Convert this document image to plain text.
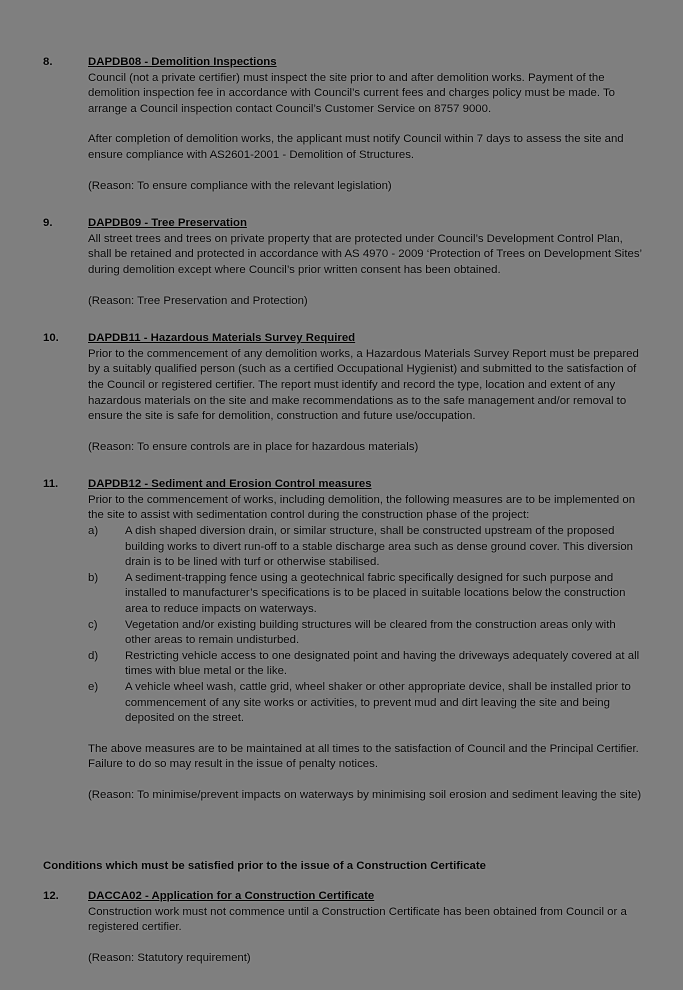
8.	DAPDB08 - Demolition Inspections

Council (not a private certifier) must inspect the site prior to and after demolition works. Payment of the demolition inspection fee in accordance with Council’s current fees and charges policy must be made. To arrange a Council inspection contact Council’s Customer Service on 8757 9000.

After completion of demolition works, the applicant must notify Council within 7 days to assess the site and ensure compliance with AS2601-2001 - Demolition of Structures.

(Reason: To ensure compliance with the relevant legislation)

9.	DAPDB09 - Tree Preservation

All street trees and trees on private property that are protected under Council’s Development Control Plan, shall be retained and protected in accordance with AS 4970 - 2009 ‘Protection of Trees on Development Sites’ during demolition except where Council’s prior written consent has been obtained.

(Reason: Tree Preservation and Protection)

10.	DAPDB11 - Hazardous Materials Survey Required

Prior to the commencement of any demolition works, a Hazardous Materials Survey Report must be prepared by a suitably qualified person (such as a certified Occupational Hygienist) and submitted to the satisfaction of the Council or registered certifier. The report must identify and record the type, location and extent of any hazardous materials on the site and make recommendations as to the safe management and/or removal to ensure the site is safe for demolition, construction and future use/occupation.

(Reason: To ensure controls are in place for hazardous materials)

11.	DAPDB12 - Sediment and Erosion Control measures

Prior to the commencement of works, including demolition, the following measures are to be implemented on the site to assist with sedimentation control during the construction phase of the project:

a)	A dish shaped diversion drain, or similar structure, shall be constructed upstream of the proposed building works to divert run-off to a stable discharge area such as dense ground cover. This diversion drain is to be lined with turf or otherwise stabilised.
b)	A sediment-trapping fence using a geotechnical fabric specifically designed for such purpose and installed to manufacturer’s specifications is to be placed in suitable locations below the construction area to reduce impacts on waterways.
c)	Vegetation and/or existing building structures will be cleared from the construction areas only with other areas to remain undisturbed.
d)	Restricting vehicle access to one designated point and having the driveways adequately covered at all times with blue metal or the like.
e)	A vehicle wheel wash, cattle grid, wheel shaker or other appropriate device, shall be installed prior to commencement of any site works or activities, to prevent mud and dirt leaving the site and being deposited on the street.

The above measures are to be maintained at all times to the satisfaction of Council and the Principal Certifier. Failure to do so may result in the issue of penalty notices.

(Reason: To minimise/prevent impacts on waterways by minimising soil erosion and sediment leaving the site)

Conditions which must be satisfied prior to the issue of a Construction Certificate
12.	DACCA02 - Application for a Construction Certificate

Construction work must not commence until a Construction Certificate has been obtained from Council or a registered certifier.

(Reason: Statutory requirement)
